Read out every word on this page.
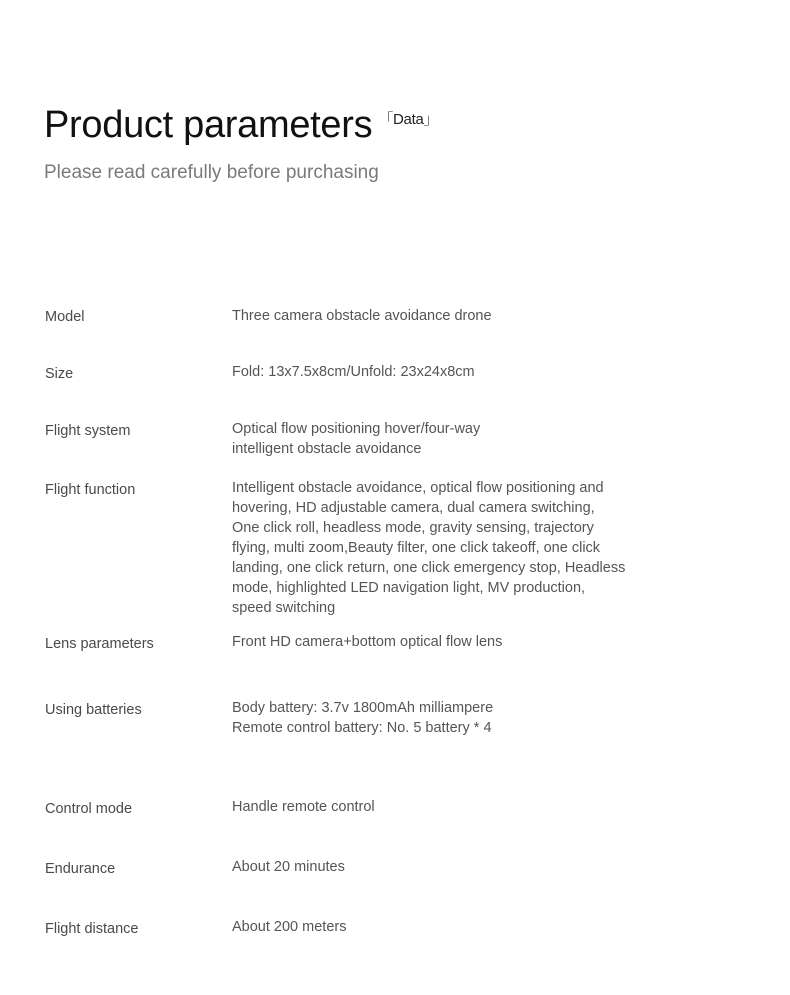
Product parameters $^{「Data」}$
Please read carefully before purchasing
Model	Three camera obstacle avoidance drone
Size	Fold: 13x7.5x8cm/Unfold: 23x24x8cm
Flight system	Optical flow positioning hover/four-way
intelligent obstacle avoidance
Flight function	Intelligent obstacle avoidance, optical flow positioning and
hovering, HD adjustable camera, dual camera switching,
One click roll, headless mode, gravity sensing, trajectory
flying, multi zoom,Beauty filter, one click takeoff, one click
landing, one click return, one click emergency stop, Headless
mode, highlighted LED navigation light, MV production,
speed switching
Lens parameters	Front HD camera+bottom optical flow lens
Using batteries	Body battery: 3.7v 1800mAh milliampere
Remote control battery: No. 5 battery * 4
Control mode	Handle remote control
Endurance	About 20 minutes
Flight distance	About 200 meters
